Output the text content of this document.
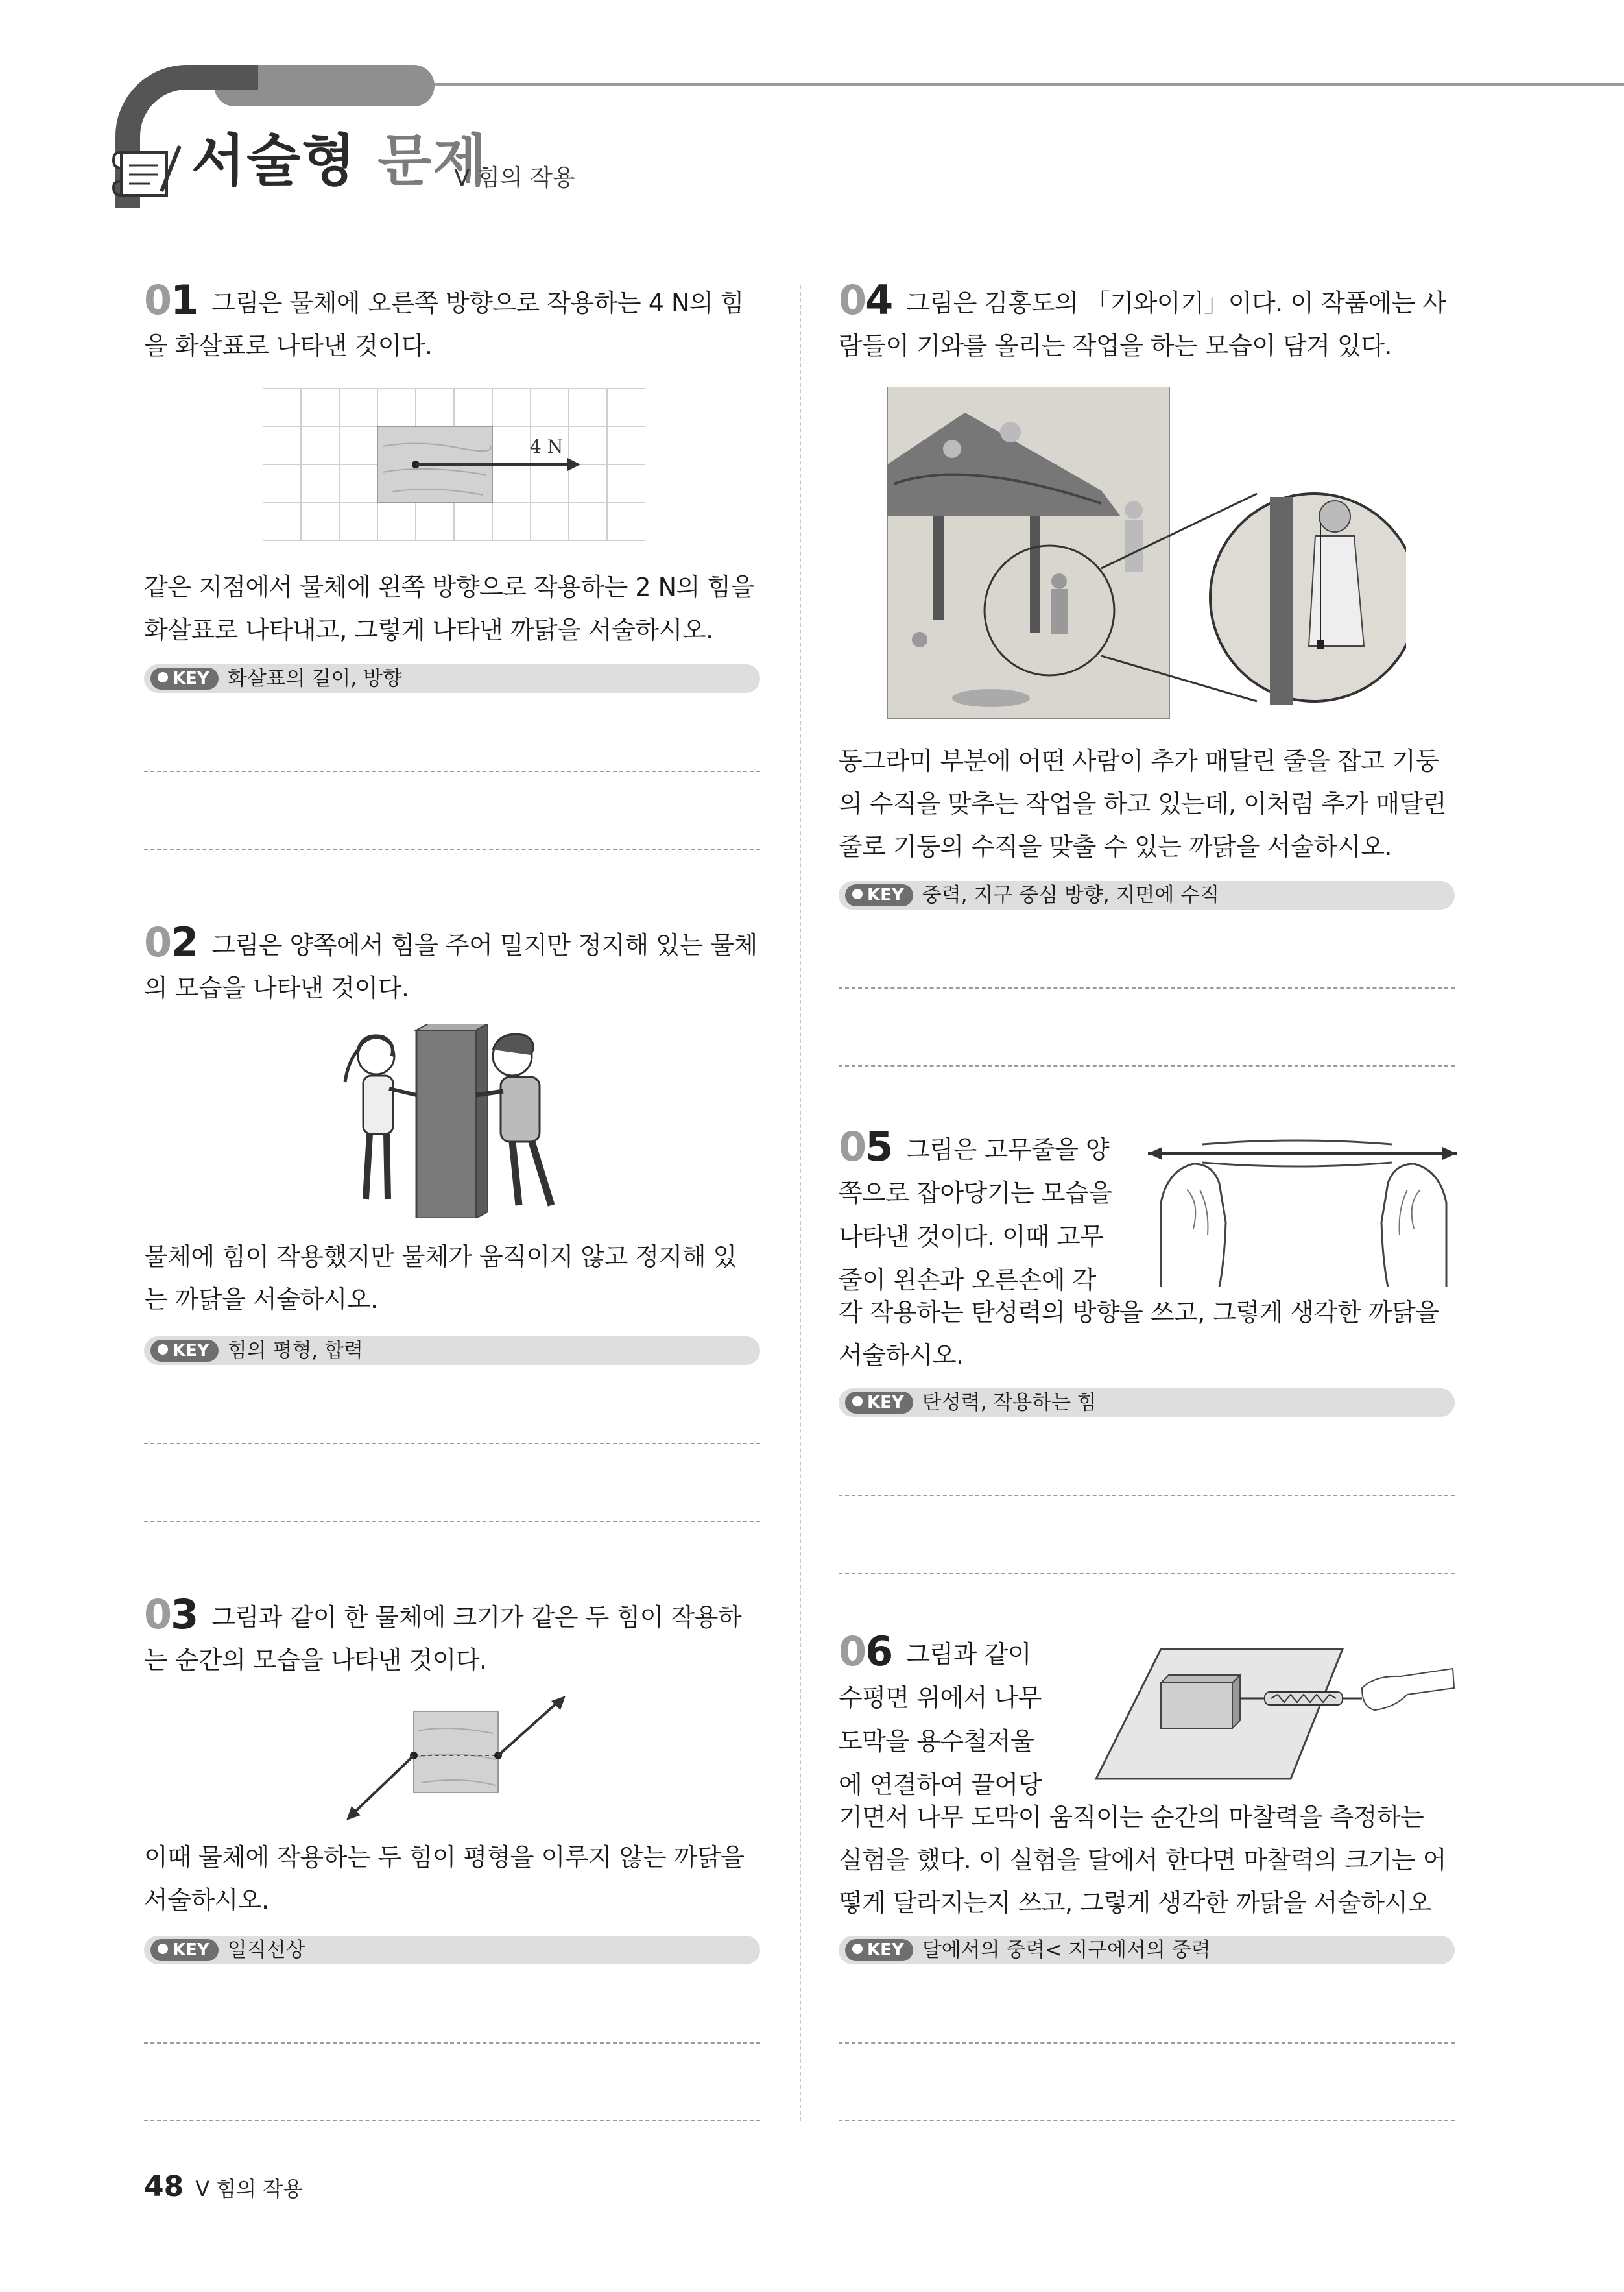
서술형 문제
V 힘의 작용
01 그림은 물체에 오른쪽 방향으로 작용하는 4 N의 힘을 화살표로 나타낸 것이다.
4 N
같은 지점에서 물체에 왼쪽 방향으로 작용하는 2 N의 힘을 화살표로 나타내고, 그렇게 나타낸 까닭을 서술하시오.
KEY 화살표의 길이, 방향
02 그림은 양쪽에서 힘을 주어 밀지만 정지해 있는 물체의 모습을 나타낸 것이다.
물체에 힘이 작용했지만 물체가 움직이지 않고 정지해 있는 까닭을 서술하시오.
KEY 힘의 평형, 합력
03 그림과 같이 한 물체에 크기가 같은 두 힘이 작용하는 순간의 모습을 나타낸 것이다.
이때 물체에 작용하는 두 힘이 평형을 이루지 않는 까닭을 서술하시오.
KEY 일직선상
04 그림은 김홍도의 「기와이기」이다. 이 작품에는 사람들이 기와를 올리는 작업을 하는 모습이 담겨 있다.
동그라미 부분에 어떤 사람이 추가 매달린 줄을 잡고 기둥의 수직을 맞추는 작업을 하고 있는데, 이처럼 추가 매달린 줄로 기둥의 수직을 맞출 수 있는 까닭을 서술하시오.
KEY 중력, 지구 중심 방향, 지면에 수직
05 그림은 고무줄을 양
쪽으로 잡아당기는 모습을
나타낸 것이다. 이때 고무
줄이 왼손과 오른손에 각
각 작용하는 탄성력의 방향을 쓰고, 그렇게 생각한 까닭을 서술하시오.
KEY 탄성력, 작용하는 힘
06 그림과 같이
수평면 위에서 나무
도막을 용수철저울
에 연결하여 끌어당
기면서 나무 도막이 움직이는 순간의 마찰력을 측정하는 실험을 했다. 이 실험을 달에서 한다면 마찰력의 크기는 어떻게 달라지는지 쓰고, 그렇게 생각한 까닭을 서술하시오
KEY 달에서의 중력< 지구에서의 중력
48 V 힘의 작용
